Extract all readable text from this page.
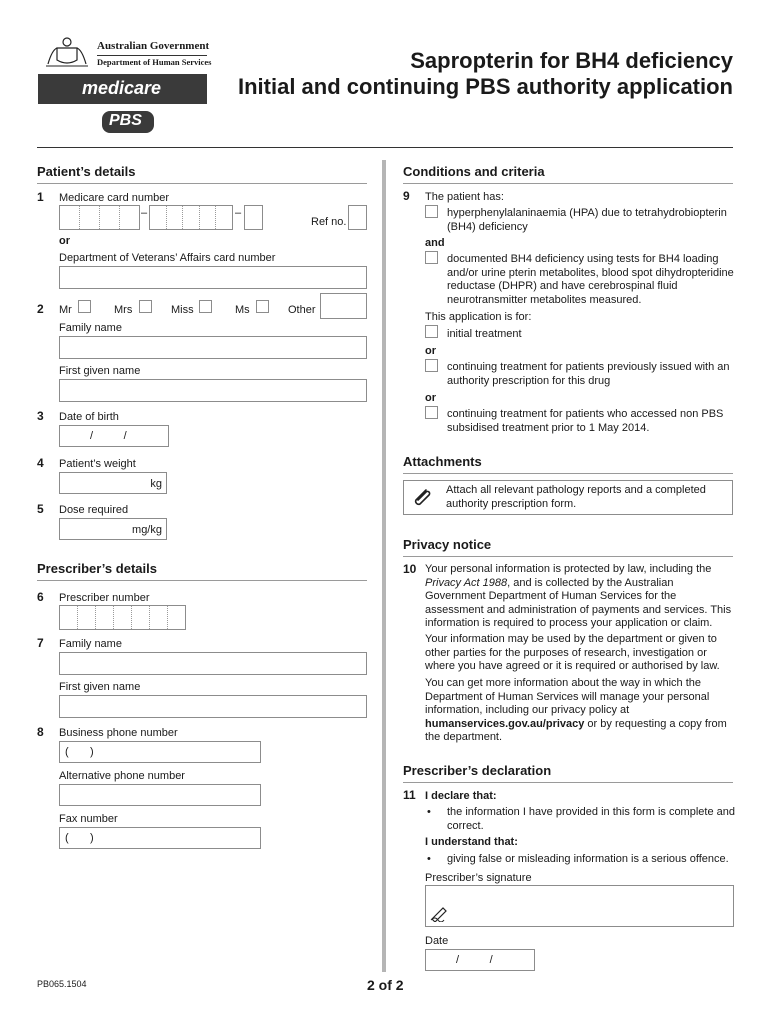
Australian Government
Department of Human Services
medicare
PBS
Sapropterin for BH4 deficiency
Initial and continuing PBS authority application
Patient’s details
1 Medicare card number
–	–
Ref no.
or
Department of Veterans’ Affairs card number
2 Mr	Mrs	Miss	Ms	Other
Family name
First given name
3 Date of birth
/          /
4 Patient’s weight
kg
5 Dose required
mg/kg
Prescriber’s details
6 Prescriber number
7 Family name
First given name
8 Business phone number
(       )
Alternative phone number
Fax number
(       )
Conditions and criteria
9 The patient has:
hyperphenylalaninaemia (HPA) due to tetrahydrobiopterin (BH4) deficiency
and
documented BH4 deficiency using tests for BH4 loading and/or urine pterin metabolites, blood spot dihydropteridine reductase (DHPR) and have cerebrospinal fluid neurotransmitter metabolites measured.
This application is for:
initial treatment
or
continuing treatment for patients previously issued with an authority prescription for this drug
or
continuing treatment for patients who accessed non PBS subsidised treatment prior to 1 May 2014.
Attachments
Attach all relevant pathology reports and a completed authority prescription form.
Privacy notice
10 Your personal information is protected by law, including the Privacy Act 1988, and is collected by the Australian Government Department of Human Services for the assessment and administration of payments and services. This information is required to process your application or claim.
Your information may be used by the department or given to other parties for the purposes of research, investigation or where you have agreed or it is required or authorised by law.
You can get more information about the way in which the Department of Human Services will manage your personal information, including our privacy policy at humanservices.gov.au/privacy or by requesting a copy from the department.
Prescriber’s declaration
11 I declare that:
• the information I have provided in this form is complete and correct.
I understand that:
• giving false or misleading information is a serious offence.
Prescriber’s signature
Date
/          /
PB065.1504	2 of 2
